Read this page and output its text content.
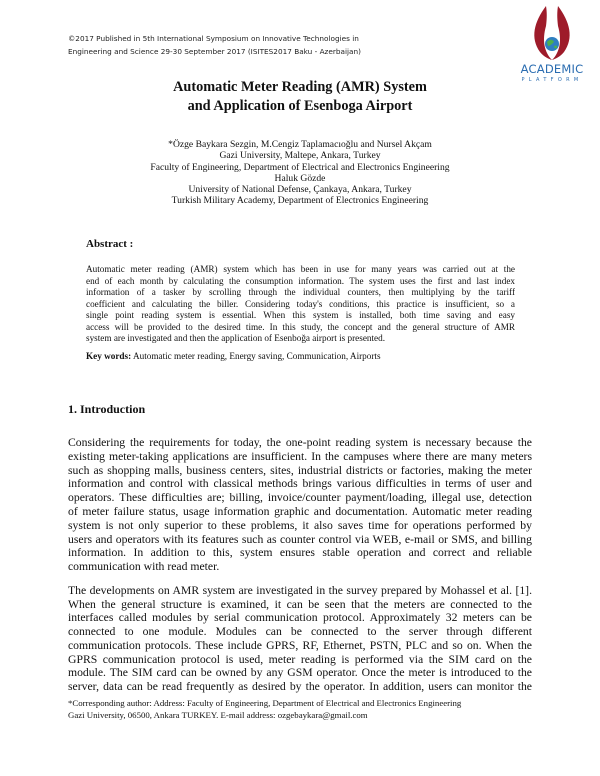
©2017 Published in 5th International Symposium on Innovative Technologies in
Engineering and Science 29-30 September 2017 (ISITES2017 Baku - Azerbaijan)
ACADEMIC
PLATFORM
Automatic Meter Reading (AMR) System
and Application of Esenboga Airport
*Özge Baykara Sezgin, M.Cengiz Taplamacıoğlu and Nursel Akçam
Gazi University, Maltepe, Ankara, Turkey
Faculty of Engineering, Department of Electrical and Electronics Engineering
Haluk Gözde
University of National Defense, Çankaya, Ankara, Turkey
Turkish Military Academy, Department of Electronics Engineering
Abstract :
Automatic meter reading (AMR) system which has been in use for many years was carried out at the
end of each month by calculating the consumption information. The system uses the first and last index
information of a tasker by scrolling through the individual counters, then multiplying by the tariff
coefficient and calculating the biller. Considering today's conditions, this practice is insufficient, so a
single point reading system is essential. When this system is installed, both time saving and easy
access will be provided to the desired time. In this study, the concept and the general structure of AMR
system are investigated and then the application of Esenboğa airport is presented.
Key words: Automatic meter reading, Energy saving, Communication, Airports
1. Introduction
Considering the requirements for today, the one-point reading system is necessary because the
existing meter-taking applications are insufficient. In the campuses where there are many meters
such as shopping malls, business centers, sites, industrial districts or factories, making the meter
information and control with classical methods brings various difficulties in terms of user and
operators. These difficulties are; billing, invoice/counter payment/loading, illegal use, detection
of meter failure status, usage information graphic and documentation. Automatic meter reading
system is not only superior to these problems, it also saves time for operations performed by
users and operators with its features such as counter control via WEB, e-mail or SMS, and billing
information. In addition to this, system ensures stable operation and correct and reliable
communication with read meter.
The developments on AMR system are investigated in the survey prepared by Mohassel et al. [1].
When the general structure is examined, it can be seen that the meters are connected to the
interfaces called modules by serial communication protocol. Approximately 32 meters can be
connected to one module. Modules can be connected to the server through different
communication protocols. These include GPRS, RF, Ethernet, PSTN, PLC and so on. When the
GPRS communication protocol is used, meter reading is performed via the SIM card on the
module. The SIM card can be owned by any GSM operator. Once the meter is introduced to the
server, data can be read frequently as desired by the operator. In addition, users can monitor the
*Corresponding author: Address: Faculty of Engineering, Department of Electrical and Electronics Engineering
Gazi University, 06500, Ankara TURKEY. E-mail address: ozgebaykara@gmail.com
